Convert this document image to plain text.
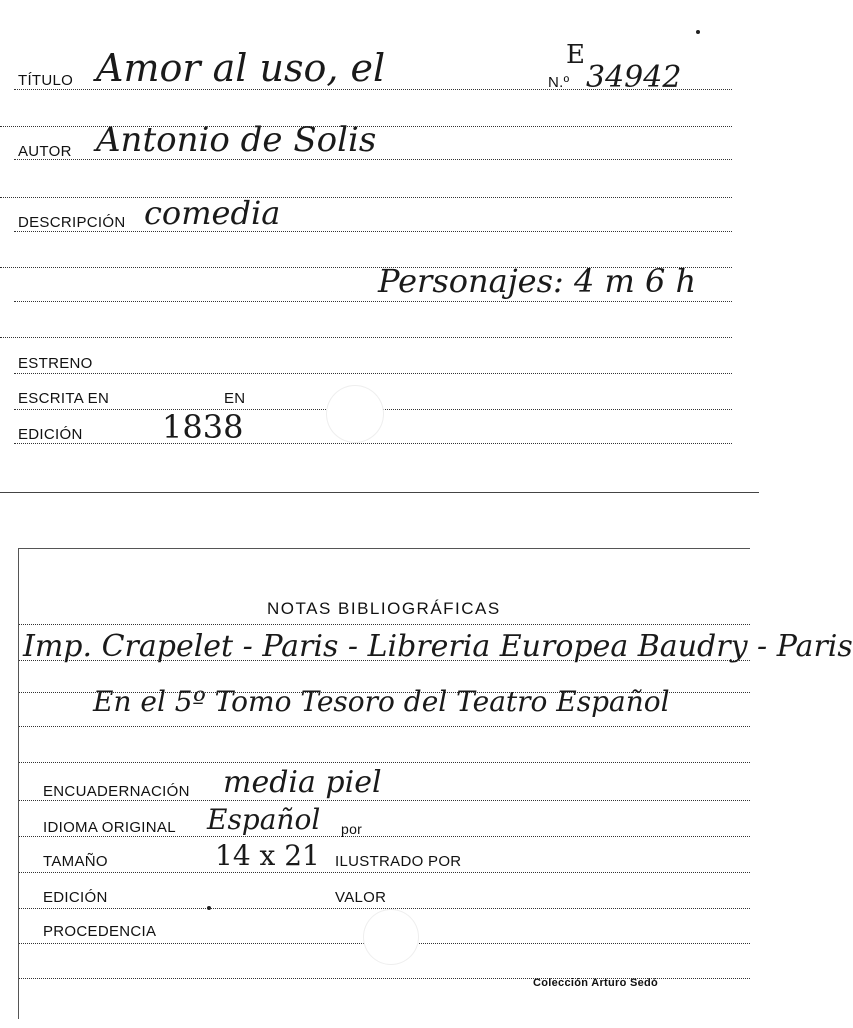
TÍTULO Amor al uso, el	E
N.º 34942
AUTOR Antonio de Solis
DESCRIPCIÓN comedia
Personajes: 4 m 6 h
ESTRENO
ESCRITA EN	EN
EDICIÓN 1838
NOTAS BIBLIOGRÁFICAS
Imp. Crapelet - Paris - Libreria Europea Baudry - Paris
En el 5º Tomo Tesoro del Teatro Español
ENCUADERNACIÓN media piel
IDIOMA ORIGINAL Español por
TAMAÑO	14 x 21 ILUSTRADO POR
EDICIÓN	VALOR
PROCEDENCIA
Colección Arturo Sedó
